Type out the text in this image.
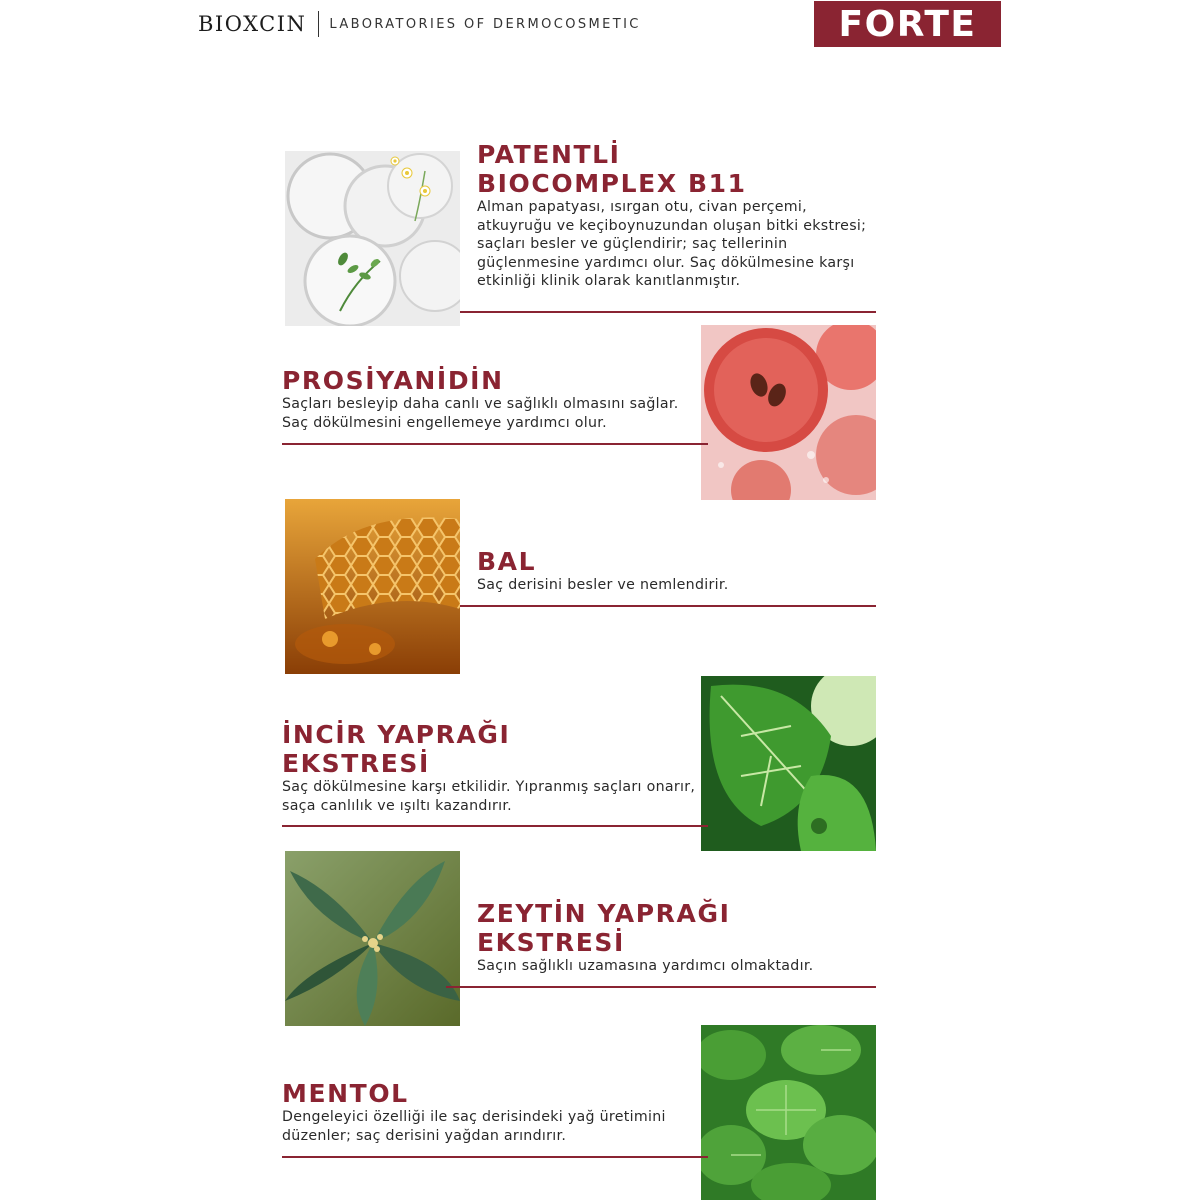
BIOXCIN LABORATORIES OF DERMOCOSMETIC	FORTE

PATENTLİ
BIOCOMPLEX B11

Alman papatyası, ısırgan otu, civan perçemi, atkuyruğu ve keçiboynuzundan oluşan bitki ekstresi; saçları besler ve güçlendirir; saç tellerinin güçlenmesine yardımcı olur. Saç dökülmesine karşı etkinliği klinik olarak kanıtlanmıştır.

PROSİYANİDİN

Saçları besleyip daha canlı ve sağlıklı olmasını sağlar. Saç dökülmesini engellemeye yardımcı olur.

BAL

Saç derisini besler ve nemlendirir.

İNCİR YAPRAĞI
EKSTRESİ

Saç dökülmesine karşı etkilidir. Yıpranmış saçları onarır, saça canlılık ve ışıltı kazandırır.

ZEYTİN YAPRAĞI
EKSTRESİ

Saçın sağlıklı uzamasına yardımcı olmaktadır.

MENTOL

Dengeleyici özelliği ile saç derisindeki yağ üretimini düzenler; saç derisini yağdan arındırır.
